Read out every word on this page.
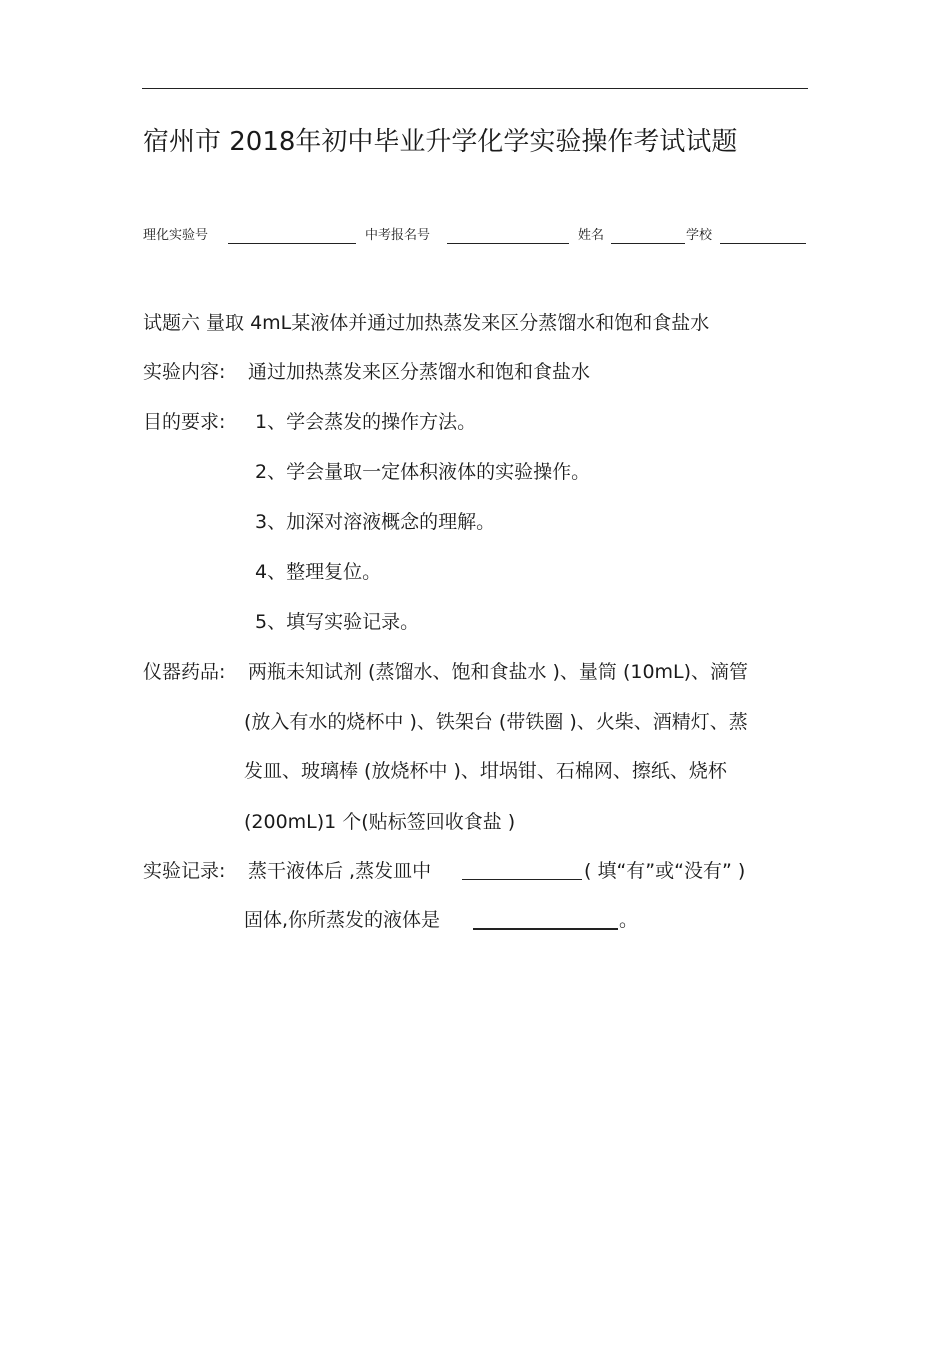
宿州市 2018年初中毕业升学化学实验操作考试试题
理化实验号	中考报名号	姓名	学校
试题六 量取 4mL某液体并通过加热蒸发来区分蒸馏水和饱和食盐水
实验内容: 通过加热蒸发来区分蒸馏水和饱和食盐水
目的要求: 1、学会蒸发的操作方法。
2、学会量取一定体积液体的实验操作。
3、加深对溶液概念的理解。
4、整理复位。
5、填写实验记录。
仪器药品: 两瓶未知试剂 (蒸馏水、饱和食盐水 )、量筒 (10mL)、滴管
(放入有水的烧杯中 )、铁架台 (带铁圈 )、火柴、酒精灯、蒸
发皿、玻璃棒 (放烧杯中 )、坩埚钳、石棉网、擦纸、烧杯
(200mL)1 个(贴标签回收食盐 )
实验记录: 蒸干液体后 ,蒸发皿中	( 填“有”或“没有” )
固体,你所蒸发的液体是	。
